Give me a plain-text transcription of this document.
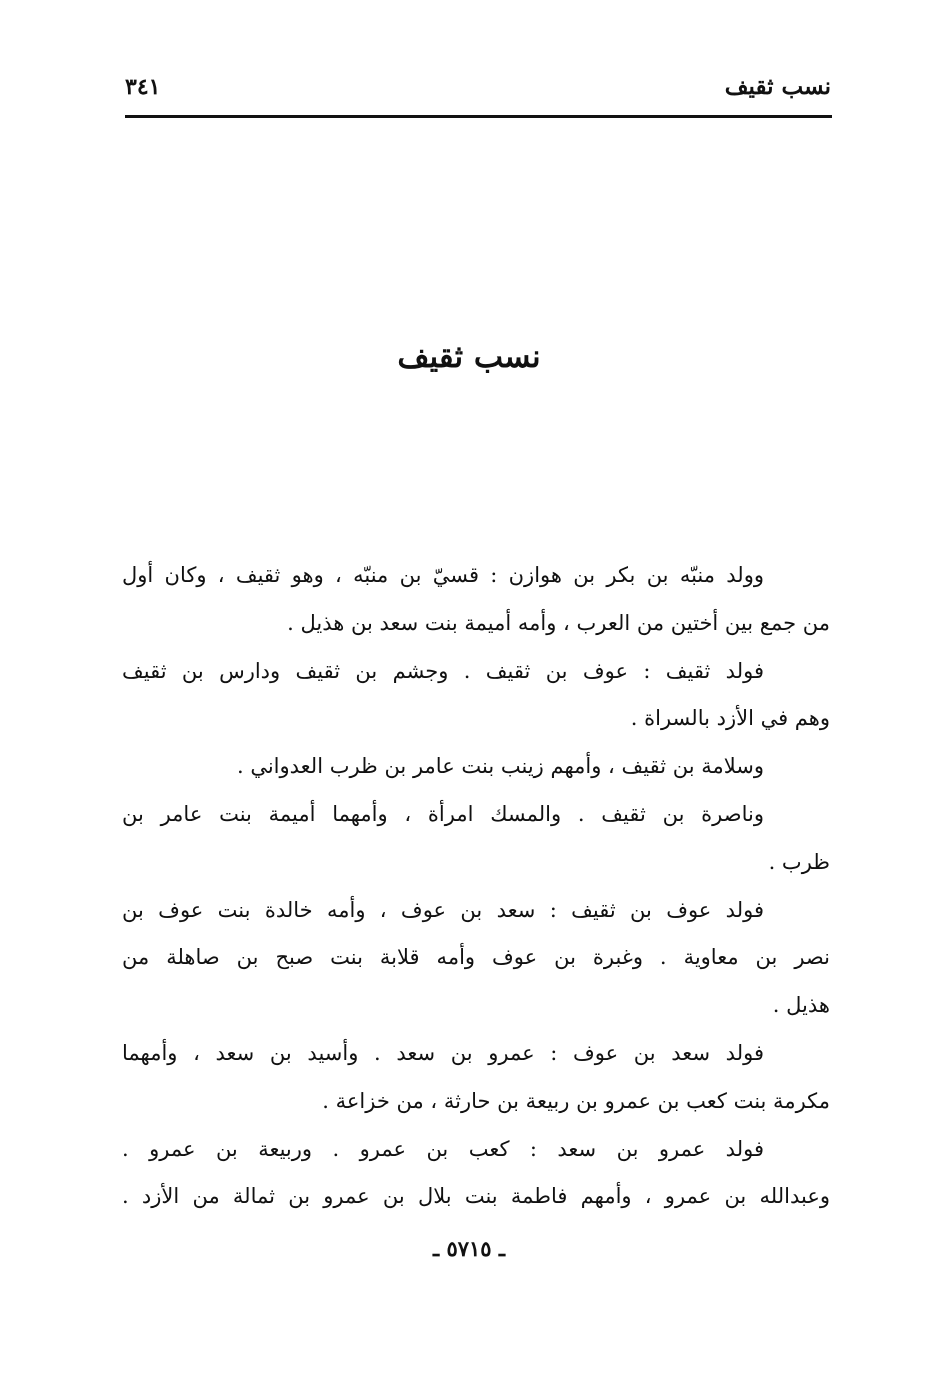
نسب ثقيف
٣٤١
نسب ثقيف
وولد منبّه بن بكر بن هوازن : قسيّ بن منبّه ، وهو ثقيف ، وكان أول
من جمع بين أختين من العرب ، وأمه أميمة بنت سعد بن هذيل .
فولد ثقيف : عوف بن ثقيف . وجشم بن ثقيف ودارس بن ثقيف
وهم في الأزد بالسراة .
وسلامة بن ثقيف ، وأمهم زينب بنت عامر بن ظرب العدواني .
وناصرة بن ثقيف . والمسك امرأة ، وأمهما أميمة بنت عامر بن
ظرب .
فولد عوف بن ثقيف : سعد بن عوف ، وأمه خالدة بنت عوف بن
نصر بن معاوية . وغبرة بن عوف وأمه قلابة بنت صبح بن صاهلة من
هذيل .
فولد سعد بن عوف : عمرو بن سعد . وأسيد بن سعد ، وأمهما
مكرمة بنت كعب بن عمرو بن ربيعة بن حارثة ، من خزاعة .
فولد عمرو بن سعد : كعب بن عمرو . وربيعة بن عمرو .
وعبدالله بن عمرو ، وأمهم فاطمة بنت بلال بن عمرو بن ثمالة من الأزد .
ـ ٥٧١٥ ـ
